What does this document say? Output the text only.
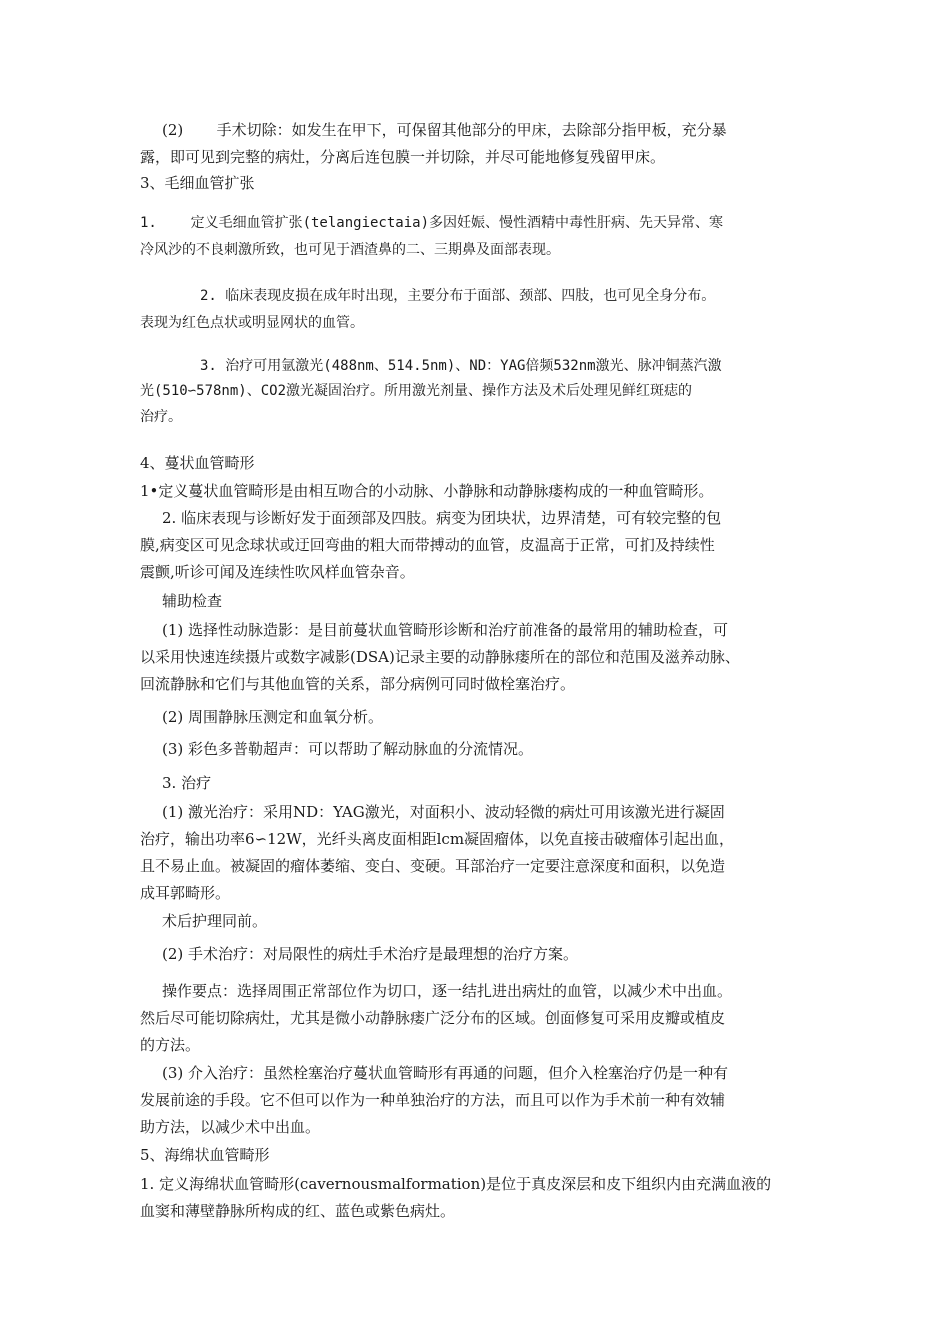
(2)       手术切除：如发生在甲下，可保留其他部分的甲床，去除部分指甲板，充分暴
露，即可见到完整的病灶，分离后连包膜一并切除，并尽可能地修复残留甲床。
3、毛细血管扩张
1.    定义毛细血管扩张(telangiectaia)多因妊娠、慢性酒精中毒性肝病、先天异常、寒
冷风沙的不良刺激所致，也可见于酒渣鼻的二、三期鼻及面部表现。
2. 临床表现皮损在成年时出现，主要分布于面部、颈部、四肢，也可见全身分布。
表现为红色点状或明显网状的血管。
3. 治疗可用氩激光(488nm、514.5nm)、ND：YAG倍频532nm激光、脉冲铜蒸汽激
光(510∽578nm)、CO2激光凝固治疗。所用激光剂量、操作方法及术后处理见鲜红斑痣的
治疗。
4、蔓状血管畸形
1•定义蔓状血管畸形是由相互吻合的小动脉、小静脉和动静脉瘘构成的一种血管畸形。
2. 临床表现与诊断好发于面颈部及四肢。病变为团块状，边界清楚，可有较完整的包
膜,病变区可见念球状或迂回弯曲的粗大而带搏动的血管，皮温高于正常，可扪及持续性
震颤,听诊可闻及连续性吹风样血管杂音。
辅助检查
(1) 选择性动脉造影：是目前蔓状血管畸形诊断和治疗前准备的最常用的辅助检查，可
以采用快速连续摄片或数字减影(DSA)记录主要的动静脉瘘所在的部位和范围及滋养动脉、
回流静脉和它们与其他血管的关系，部分病例可同时做栓塞治疗。
(2) 周围静脉压测定和血氧分析。
(3) 彩色多普勒超声：可以帮助了解动脉血的分流情况。
3. 治疗
(1) 激光治疗：采用ND：YAG激光，对面积小、波动轻微的病灶可用该激光进行凝固
治疗，输出功率6∽12W，光纤头离皮面相距lcm凝固瘤体，以免直接击破瘤体引起出血，
且不易止血。被凝固的瘤体萎缩、变白、变硬。耳部治疗一定要注意深度和面积，以免造
成耳郭畸形。
术后护理同前。
(2) 手术治疗：对局限性的病灶手术治疗是最理想的治疗方案。
操作要点：选择周围正常部位作为切口，逐一结扎进出病灶的血管，以减少术中出血。
然后尽可能切除病灶，尤其是微小动静脉瘘广泛分布的区域。创面修复可采用皮瓣或植皮
的方法。
(3) 介入治疗：虽然栓塞治疗蔓状血管畸形有再通的问题，但介入栓塞治疗仍是一种有
发展前途的手段。它不但可以作为一种单独治疗的方法，而且可以作为手术前一种有效辅
助方法，以减少术中出血。
5、海绵状血管畸形
1. 定义海绵状血管畸形(cavernousmalformation)是位于真皮深层和皮下组织内由充满血液的
血窦和薄壁静脉所构成的红、蓝色或紫色病灶。
